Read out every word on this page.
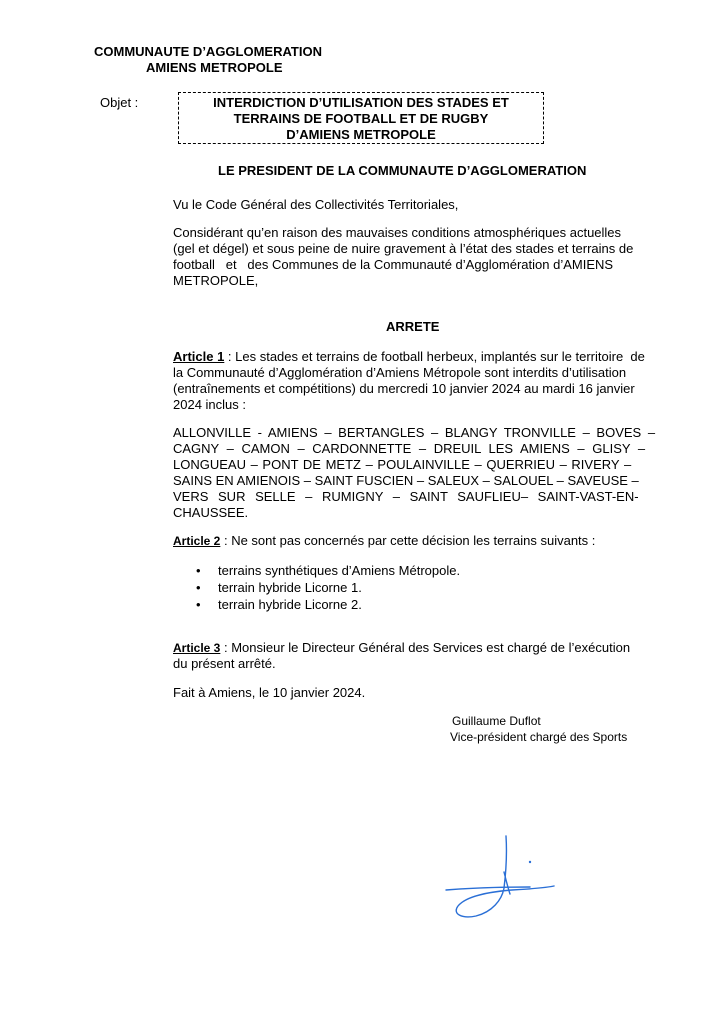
COMMUNAUTE D’AGGLOMERATION
AMIENS METROPOLE
Objet :	INTERDICTION D’UTILISATION DES STADES ET
TERRAINS DE FOOTBALL ET DE RUGBY
D’AMIENS METROPOLE
LE PRESIDENT DE LA COMMUNAUTE D’AGGLOMERATION
Vu le Code Général des Collectivités Territoriales,
Considérant qu’en raison des mauvaises conditions atmosphériques actuelles
(gel et dégel) et sous peine de nuire gravement à l’état des stades et terrains de
football   et   des Communes de la Communauté d’Agglomération d’AMIENS
METROPOLE,
ARRETE
Article 1 : Les stades et terrains de football herbeux, implantés sur le territoire  de
la Communauté d’Agglomération d’Amiens Métropole sont interdits d’utilisation
(entraînements et compétitions) du mercredi 10 janvier 2024 au mardi 16 janvier
2024 inclus :
ALLONVILLE - AMIENS – BERTANGLES – BLANGY TRONVILLE – BOVES –
CAGNY – CAMON – CARDONNETTE – DREUIL LES AMIENS – GLISY –
LONGUEAU – PONT DE METZ – POULAINVILLE – QUERRIEU – RIVERY –
SAINS EN AMIENOIS – SAINT FUSCIEN – SALEUX – SALOUEL – SAVEUSE –
VERS SUR SELLE – RUMIGNY – SAINT SAUFLIEU– SAINT-VAST-EN-
CHAUSSEE.
Article 2 : Ne sont pas concernés par cette décision les terrains suivants :
• terrains synthétiques d’Amiens Métropole.
• terrain hybride Licorne 1.
• terrain hybride Licorne 2.
Article 3 : Monsieur le Directeur Général des Services est chargé de l’exécution
du présent arrêté.
Fait à Amiens, le 10 janvier 2024.
Guillaume Duflot
Vice-président chargé des Sports
